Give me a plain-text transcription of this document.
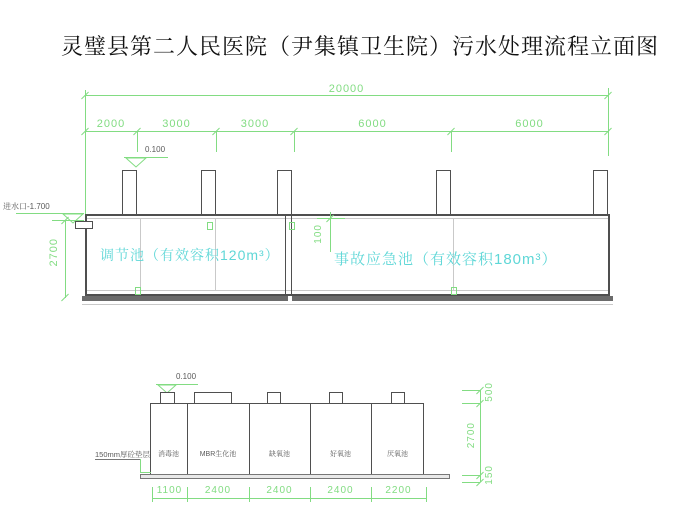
灵璧县第二人民医院（尹集镇卫生院）污水处理流程立面图
20000
2000	3000	3000	6000	6000
0.100
调节池（有效容积120m³）	事故应急池（有效容积180m³）
进水口-1.700
2700
100
0.100
消毒池	MBR生化池	缺氧池	好氧池	厌氧池
150mm厚砼垫层
1100	2400	2400	2400	2200
500
2700
150
